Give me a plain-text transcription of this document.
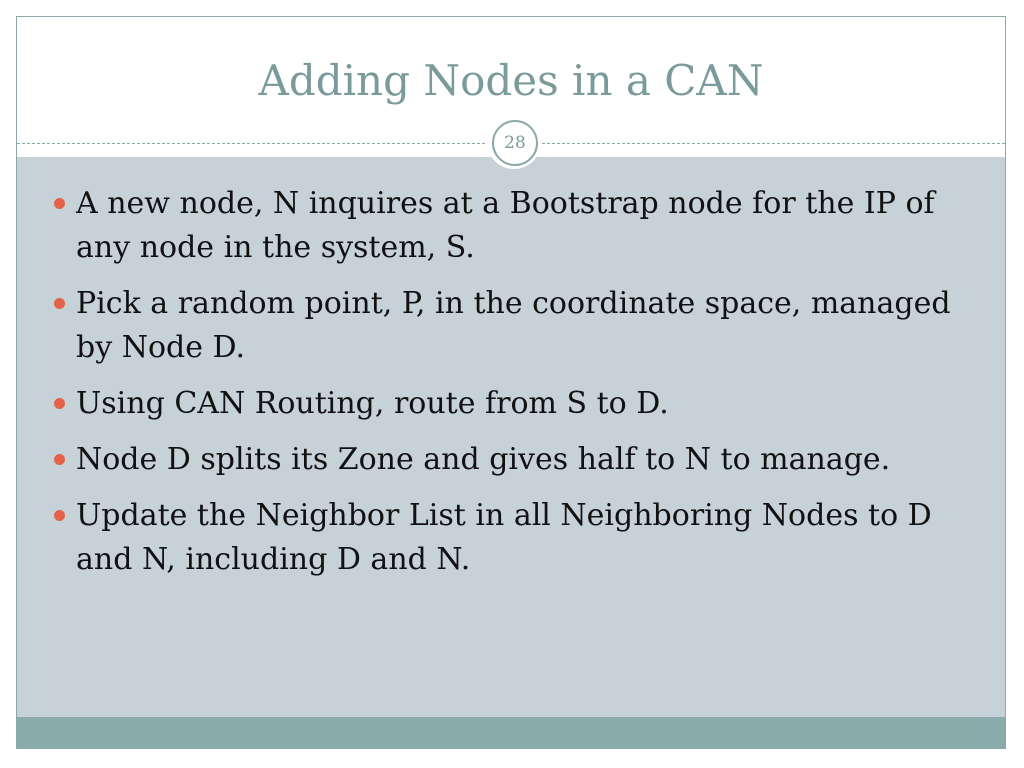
Adding Nodes in a CAN
28
A new node, N inquires at a Bootstrap node for the IP of any node in the system, S.
Pick a random point, P, in the coordinate space, managed by Node D.
Using CAN Routing, route from S to D.
Node D splits its Zone and gives half to N to manage.
Update the Neighbor List in all Neighboring Nodes to D and N, including D and N.
